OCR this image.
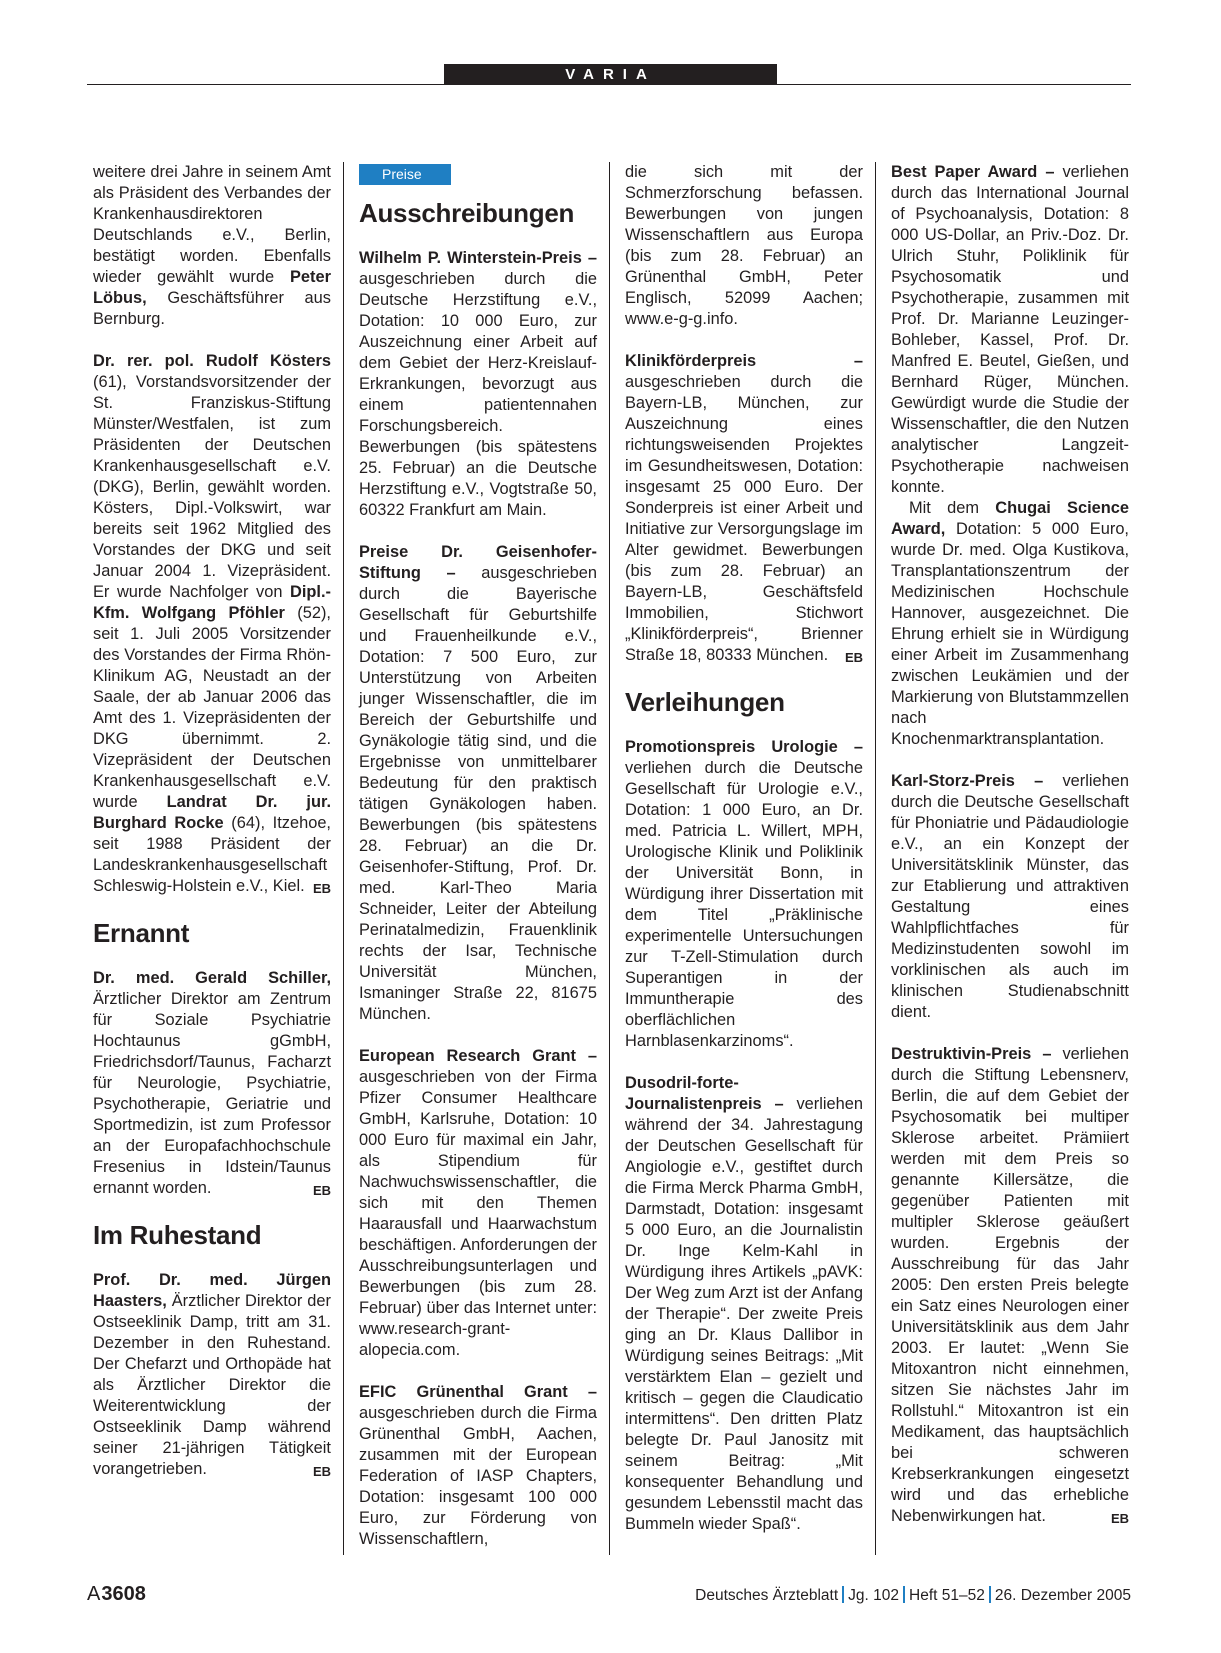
VARIA

weitere drei Jahre in seinem Amt als Präsident des Verbandes der Krankenhausdirektoren Deutschlands e.V., Berlin, bestätigt worden. Ebenfalls wieder gewählt wurde Peter Löbus, Geschäftsführer aus Bernburg.

Dr. rer. pol. Rudolf Kösters (61), Vorstandsvorsitzender der St. Franziskus-Stiftung Münster/Westfalen, ist zum Präsidenten der Deutschen Krankenhausgesellschaft e.V. (DKG), Berlin, gewählt worden. Kösters, Dipl.-Volkswirt, war bereits seit 1962 Mitglied des Vorstandes der DKG und seit Januar 2004 1. Vizepräsident. Er wurde Nachfolger von Dipl.-Kfm. Wolfgang Pföhler (52), seit 1. Juli 2005 Vorsitzender des Vorstandes der Firma Rhön-Klinikum AG, Neustadt an der Saale, der ab Januar 2006 das Amt des 1. Vizepräsidenten der DKG übernimmt. 2. Vizepräsident der Deutschen Krankenhausgesellschaft e.V. wurde Landrat Dr. jur. Burghard Rocke (64), Itzehoe, seit 1988 Präsident der Landeskrankenhausgesellschaft Schleswig-Holstein e.V., Kiel. EB

Ernannt

Dr. med. Gerald Schiller, Ärztlicher Direktor am Zentrum für Soziale Psychiatrie Hochtaunus gGmbH, Friedrichsdorf/Taunus, Facharzt für Neurologie, Psychiatrie, Psychotherapie, Geriatrie und Sportmedizin, ist zum Professor an der Europafachhochschule Fresenius in Idstein/Taunus ernannt worden.	EB

Im Ruhestand

Prof. Dr. med. Jürgen Haasters, Ärztlicher Direktor der Ostseeklinik Damp, tritt am 31. Dezember in den Ruhestand. Der Chefarzt und Orthopäde hat als Ärztlicher Direktor die Weiterentwicklung der Ostseeklinik Damp während seiner 21-jährigen Tätigkeit vorangetrieben.	EB

Preise
Ausschreibungen

Wilhelm P. Winterstein-Preis – ausgeschrieben durch die Deutsche Herzstiftung e.V., Dotation: 10 000 Euro, zur Auszeichnung einer Arbeit auf dem Gebiet der Herz-Kreislauf-Erkrankungen, bevorzugt aus einem patientennahen Forschungsbereich. Bewerbungen (bis spätestens 25. Februar) an die Deutsche Herzstiftung e.V., Vogtstraße 50, 60322 Frankfurt am Main.

Preise Dr. Geisenhofer-Stiftung – ausgeschrieben durch die Bayerische Gesellschaft für Geburtshilfe und Frauenheilkunde e.V., Dotation: 7 500 Euro, zur Unterstützung von Arbeiten junger Wissenschaftler, die im Bereich der Geburtshilfe und Gynäkologie tätig sind, und die Ergebnisse von unmittelbarer Bedeutung für den praktisch tätigen Gynäkologen haben. Bewerbungen (bis spätestens 28. Februar) an die Dr. Geisenhofer-Stiftung, Prof. Dr. med. Karl-Theo Maria Schneider, Leiter der Abteilung Perinatalmedizin, Frauenklinik rechts der Isar, Technische Universität München, Ismaninger Straße 22, 81675 München.

European Research Grant – ausgeschrieben von der Firma Pfizer Consumer Healthcare GmbH, Karlsruhe, Dotation: 10 000 Euro für maximal ein Jahr, als Stipendium für Nachwuchswissenschaftler, die sich mit den Themen Haarausfall und Haarwachstum beschäftigen. Anforderungen der Ausschreibungsunterlagen und Bewerbungen (bis zum 28. Februar) über das Internet unter: www.research-grant-alopecia.com.

EFIC Grünenthal Grant – ausgeschrieben durch die Firma Grünenthal GmbH, Aachen, zusammen mit der European Federation of IASP Chapters, Dotation: insgesamt 100 000 Euro, zur Förderung von Wissenschaftlern,

die sich mit der Schmerzforschung befassen. Bewerbungen von jungen Wissenschaftlern aus Europa (bis zum 28. Februar) an Grünenthal GmbH, Peter Englisch, 52099 Aachen; www.e-g-g.info.

Klinikförderpreis – ausgeschrieben durch die Bayern-LB, München, zur Auszeichnung eines richtungsweisenden Projektes im Gesundheitswesen, Dotation: insgesamt 25 000 Euro. Der Sonderpreis ist einer Arbeit und Initiative zur Versorgungslage im Alter gewidmet. Bewerbungen (bis zum 28. Februar) an Bayern-LB, Geschäftsfeld Immobilien, Stichwort „Klinikförderpreis“, Brienner Straße 18, 80333 München. EB

Verleihungen

Promotionspreis Urologie – verliehen durch die Deutsche Gesellschaft für Urologie e.V., Dotation: 1 000 Euro, an Dr. med. Patricia L. Willert, MPH, Urologische Klinik und Poliklinik der Universität Bonn, in Würdigung ihrer Dissertation mit dem Titel „Präklinische experimentelle Untersuchungen zur T-Zell-Stimulation durch Superantigen in der Immuntherapie des oberflächlichen Harnblasenkarzinoms“.

Dusodril-forte-Journalistenpreis – verliehen während der 34. Jahrestagung der Deutschen Gesellschaft für Angiologie e.V., gestiftet durch die Firma Merck Pharma GmbH, Darmstadt, Dotation: insgesamt 5 000 Euro, an die Journalistin Dr. Inge Kelm-Kahl in Würdigung ihres Artikels „pAVK: Der Weg zum Arzt ist der Anfang der Therapie“. Der zweite Preis ging an Dr. Klaus Dallibor in Würdigung seines Beitrags: „Mit verstärktem Elan – gezielt und kritisch – gegen die Claudicatio intermittens“. Den dritten Platz belegte Dr. Paul Janositz mit seinem Beitrag: „Mit konsequenter Behandlung und gesundem Lebensstil macht das Bummeln wieder Spaß“.

Best Paper Award – verliehen durch das International Journal of Psychoanalysis, Dotation: 8 000 US-Dollar, an Priv.-Doz. Dr. Ulrich Stuhr, Poliklinik für Psychosomatik und Psychotherapie, zusammen mit Prof. Dr. Marianne Leuzinger-Bohleber, Kassel, Prof. Dr. Manfred E. Beutel, Gießen, und Bernhard Rüger, München. Gewürdigt wurde die Studie der Wissenschaftler, die den Nutzen analytischer Langzeit-Psychotherapie nachweisen konnte.

Mit dem Chugai Science Award, Dotation: 5 000 Euro, wurde Dr. med. Olga Kustikova, Transplantationszentrum der Medizinischen Hochschule Hannover, ausgezeichnet. Die Ehrung erhielt sie in Würdigung einer Arbeit im Zusammenhang zwischen Leukämien und der Markierung von Blutstammzellen nach Knochenmarktransplantation.

Karl-Storz-Preis – verliehen durch die Deutsche Gesellschaft für Phoniatrie und Pädaudiologie e.V., an ein Konzept der Universitätsklinik Münster, das zur Etablierung und attraktiven Gestaltung eines Wahlpflichtfaches für Medizinstudenten sowohl im vorklinischen als auch im klinischen Studienabschnitt dient.

Destruktivin-Preis – verliehen durch die Stiftung Lebensnerv, Berlin, die auf dem Gebiet der Psychosomatik bei multiper Sklerose arbeitet. Prämiiert werden mit dem Preis so genannte Killersätze, die gegenüber Patienten mit multipler Sklerose geäußert wurden. Ergebnis der Ausschreibung für das Jahr 2005: Den ersten Preis belegte ein Satz eines Neurologen einer Universitätsklinik aus dem Jahr 2003. Er lautet: „Wenn Sie Mitoxantron nicht einnehmen, sitzen Sie nächstes Jahr im Rollstuhl.“ Mitoxantron ist ein Medikament, das hauptsächlich bei schweren Krebserkrankungen eingesetzt wird und das erhebliche Nebenwirkungen hat.	EB

A3608	Deutsches Ärzteblatt Jg. 102 Heft 51–52 26. Dezember 2005
